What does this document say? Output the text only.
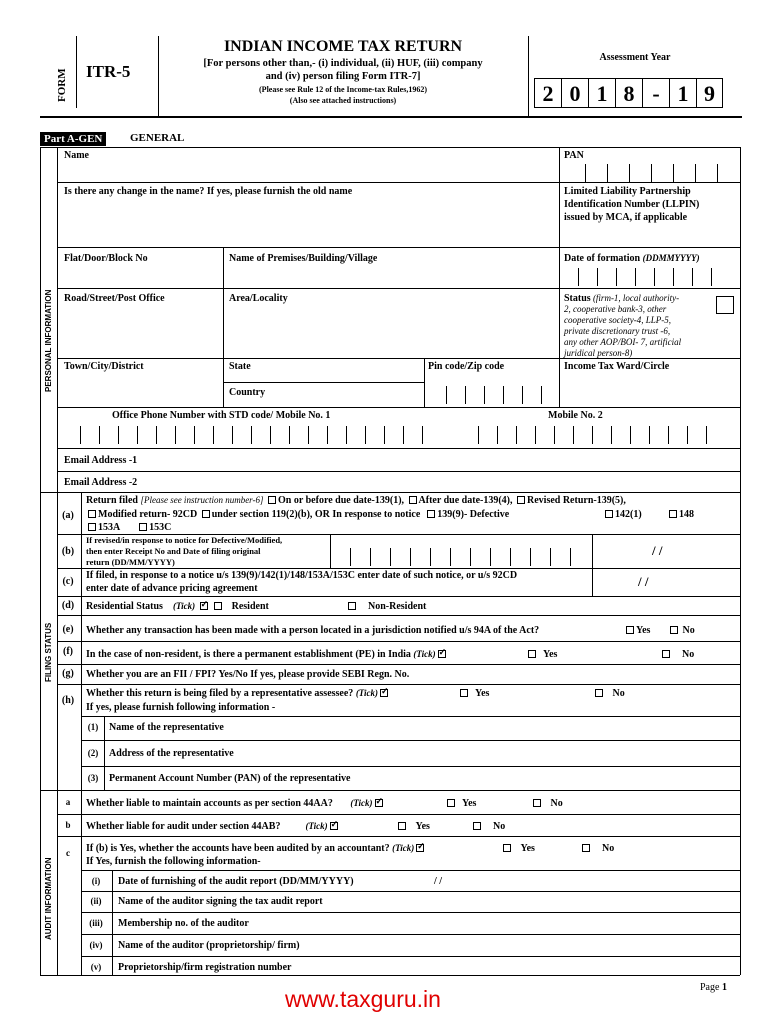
FORM ITR-5
INDIAN INCOME TAX RETURN
[For persons other than,- (i) individual, (ii) HUF, (iii) company
and (iv) person filing Form ITR-7]
(Please see Rule 12 of the Income-tax Rules,1962)
(Also see attached instructions)
Assessment Year
2 0 1 8 - 1 9
Part A-GEN	GENERAL
PERSONAL INFORMATION
FILING STATUS
AUDIT INFORMATION
Name	PAN
Is there any change in the name? If yes, please furnish the old name	Limited Liability Partnership
Identification Number (LLPIN)
issued by MCA, if applicable
Flat/Door/Block No	Name of Premises/Building/Village	Date of formation (DDMMYYYY)
Road/Street/Post Office	Area/Locality	Status (firm-1, local authority-
2, cooperative bank-3, other
cooperative society-4, LLP-5,
private discretionary trust -6,
any other AOP/BOI- 7, artificial
juridical person-8)
Town/City/District	State	Pin code/Zip code	Income Tax Ward/Circle
Country
Office Phone Number with STD code/ Mobile No. 1	Mobile No. 2
Email Address -1
Email Address -2
(a)
Return filed [Please see instruction number-6] On or before due date-139(1), After due date-139(4), Revised Return-139(5),
Modified return- 92CD under section 119(2)(b), OR In response to notice 139(9)- Defective	142(1)	148
153A	153C
(b)
If revised/in response to notice for Defective/Modified,
then enter Receipt No and Date of filing original
return (DD/MM/YYYY)
/ /
(c)
If filed, in response to a notice u/s 139(9)/142(1)/148/153A/153C enter date of such notice, or u/s 92CD
enter date of advance pricing agreement	/ /
(d)	Residential Status (Tick) ✓	Resident	Non-Resident
(e)	Whether any transaction has been made with a person located in a jurisdiction notified u/s 94A of the Act?	Yes	No
(f)	In the case of non-resident, is there a permanent establishment (PE) in India (Tick) ✓	Yes	No
(g)	Whether you are an FII / FPI? Yes/No If yes, please provide SEBI Regn. No.
(h)
Whether this return is being filed by a representative assessee? (Tick) ✓	Yes	No
If yes, please furnish following information -
(1)	Name of the representative
(2)	Address of the representative
(3)	Permanent Account Number (PAN) of the representative
a	Whether liable to maintain accounts as per section 44AA? (Tick) ✓	Yes	No
b	Whether liable for audit under section 44AB?	(Tick) ✓	Yes	No
c	If (b) is Yes, whether the accounts have been audited by an accountant? (Tick) ✓	Yes	No
If Yes, furnish the following information-
(i)	Date of furnishing of the audit report (DD/MM/YYYY)	/ /
(ii)	Name of the auditor signing the tax audit report
(iii)	Membership no. of the auditor
(iv)	Name of the auditor (proprietorship/ firm)
(v)	Proprietorship/firm registration number
Page 1
www.taxguru.in
